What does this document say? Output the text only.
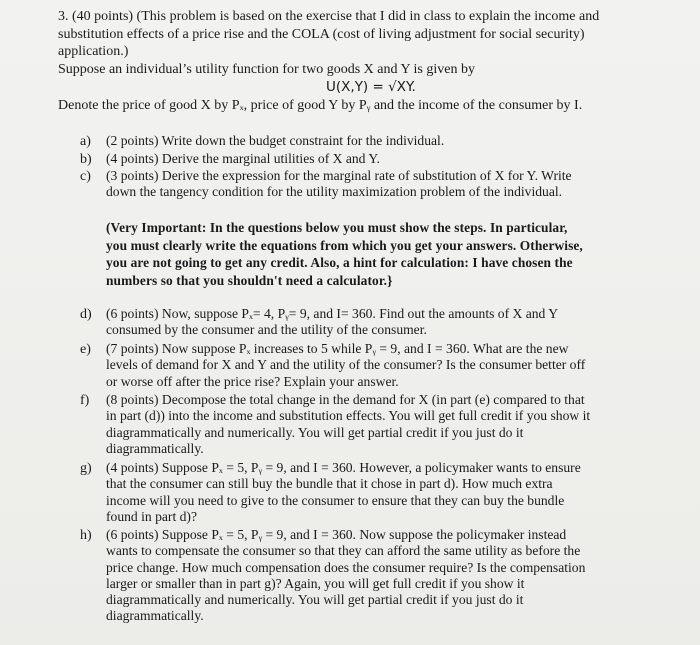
3. (40 points) (This problem is based on the exercise that I did in class to explain the income and
substitution effects of a price rise and the COLA (cost of living adjustment for social security)
application.)
Suppose an individual’s utility function for two goods X and Y is given by
U(X,Y) = √XY.
Denote the price of good X by Pₓ, price of good Y by Pᵧ and the income of the consumer by I.
a) (2 points) Write down the budget constraint for the individual.
b) (4 points) Derive the marginal utilities of X and Y.
c) (3 points) Derive the expression for the marginal rate of substitution of X for Y. Write
down the tangency condition for the utility maximization problem of the individual.
(Very Important: In the questions below you must show the steps. In particular,
you must clearly write the equations from which you get your answers. Otherwise,
you are not going to get any credit. Also, a hint for calculation: I have chosen the
numbers so that you shouldn't need a calculator.}
d) (6 points) Now, suppose Pₓ= 4, Pᵧ= 9, and I= 360. Find out the amounts of X and Y
consumed by the consumer and the utility of the consumer.
e) (7 points) Now suppose Pₓ increases to 5 while Pᵧ = 9, and I = 360. What are the new
levels of demand for X and Y and the utility of the consumer? Is the consumer better off
or worse off after the price rise? Explain your answer.
f) (8 points) Decompose the total change in the demand for X (in part (e) compared to that
in part (d)) into the income and substitution effects. You will get full credit if you show it
diagrammatically and numerically. You will get partial credit if you just do it
diagrammatically.
g) (4 points) Suppose Pₓ = 5, Pᵧ = 9, and I = 360. However, a policymaker wants to ensure
that the consumer can still buy the bundle that it chose in part d). How much extra
income will you need to give to the consumer to ensure that they can buy the bundle
found in part d)?
h) (6 points) Suppose Pₓ = 5, Pᵧ = 9, and I = 360. Now suppose the policymaker instead
wants to compensate the consumer so that they can afford the same utility as before the
price change. How much compensation does the consumer require? Is the compensation
larger or smaller than in part g)? Again, you will get full credit if you show it
diagrammatically and numerically. You will get partial credit if you just do it
diagrammatically.
